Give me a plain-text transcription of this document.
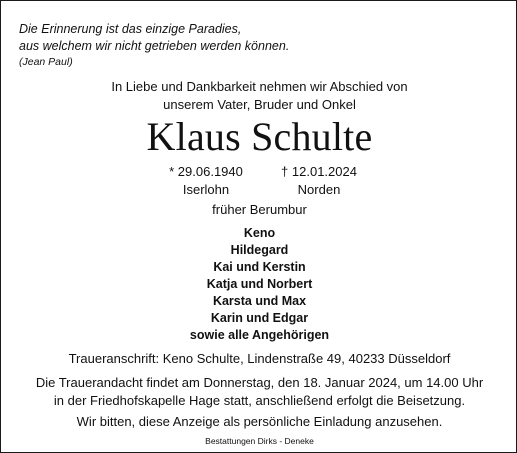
Die Erinnerung ist das einzige Paradies,
aus welchem wir nicht getrieben werden können.
(Jean Paul)
In Liebe und Dankbarkeit nehmen wir Abschied von
unserem Vater, Bruder und Onkel
Klaus Schulte
* 29.06.1940
Iserlohn
† 12.01.2024
Norden
früher Berumbur
Keno
Hildegard
Kai und Kerstin
Katja und Norbert
Karsta und Max
Karin und Edgar
sowie alle Angehörigen
Traueranschrift: Keno Schulte, Lindenstraße 49, 40233 Düsseldorf
Die Trauerandacht findet am Donnerstag, den 18. Januar 2024, um 14.00 Uhr
in der Friedhofskapelle Hage statt, anschließend erfolgt die Beisetzung.
Wir bitten, diese Anzeige als persönliche Einladung anzusehen.
Bestattungen Dirks - Deneke
